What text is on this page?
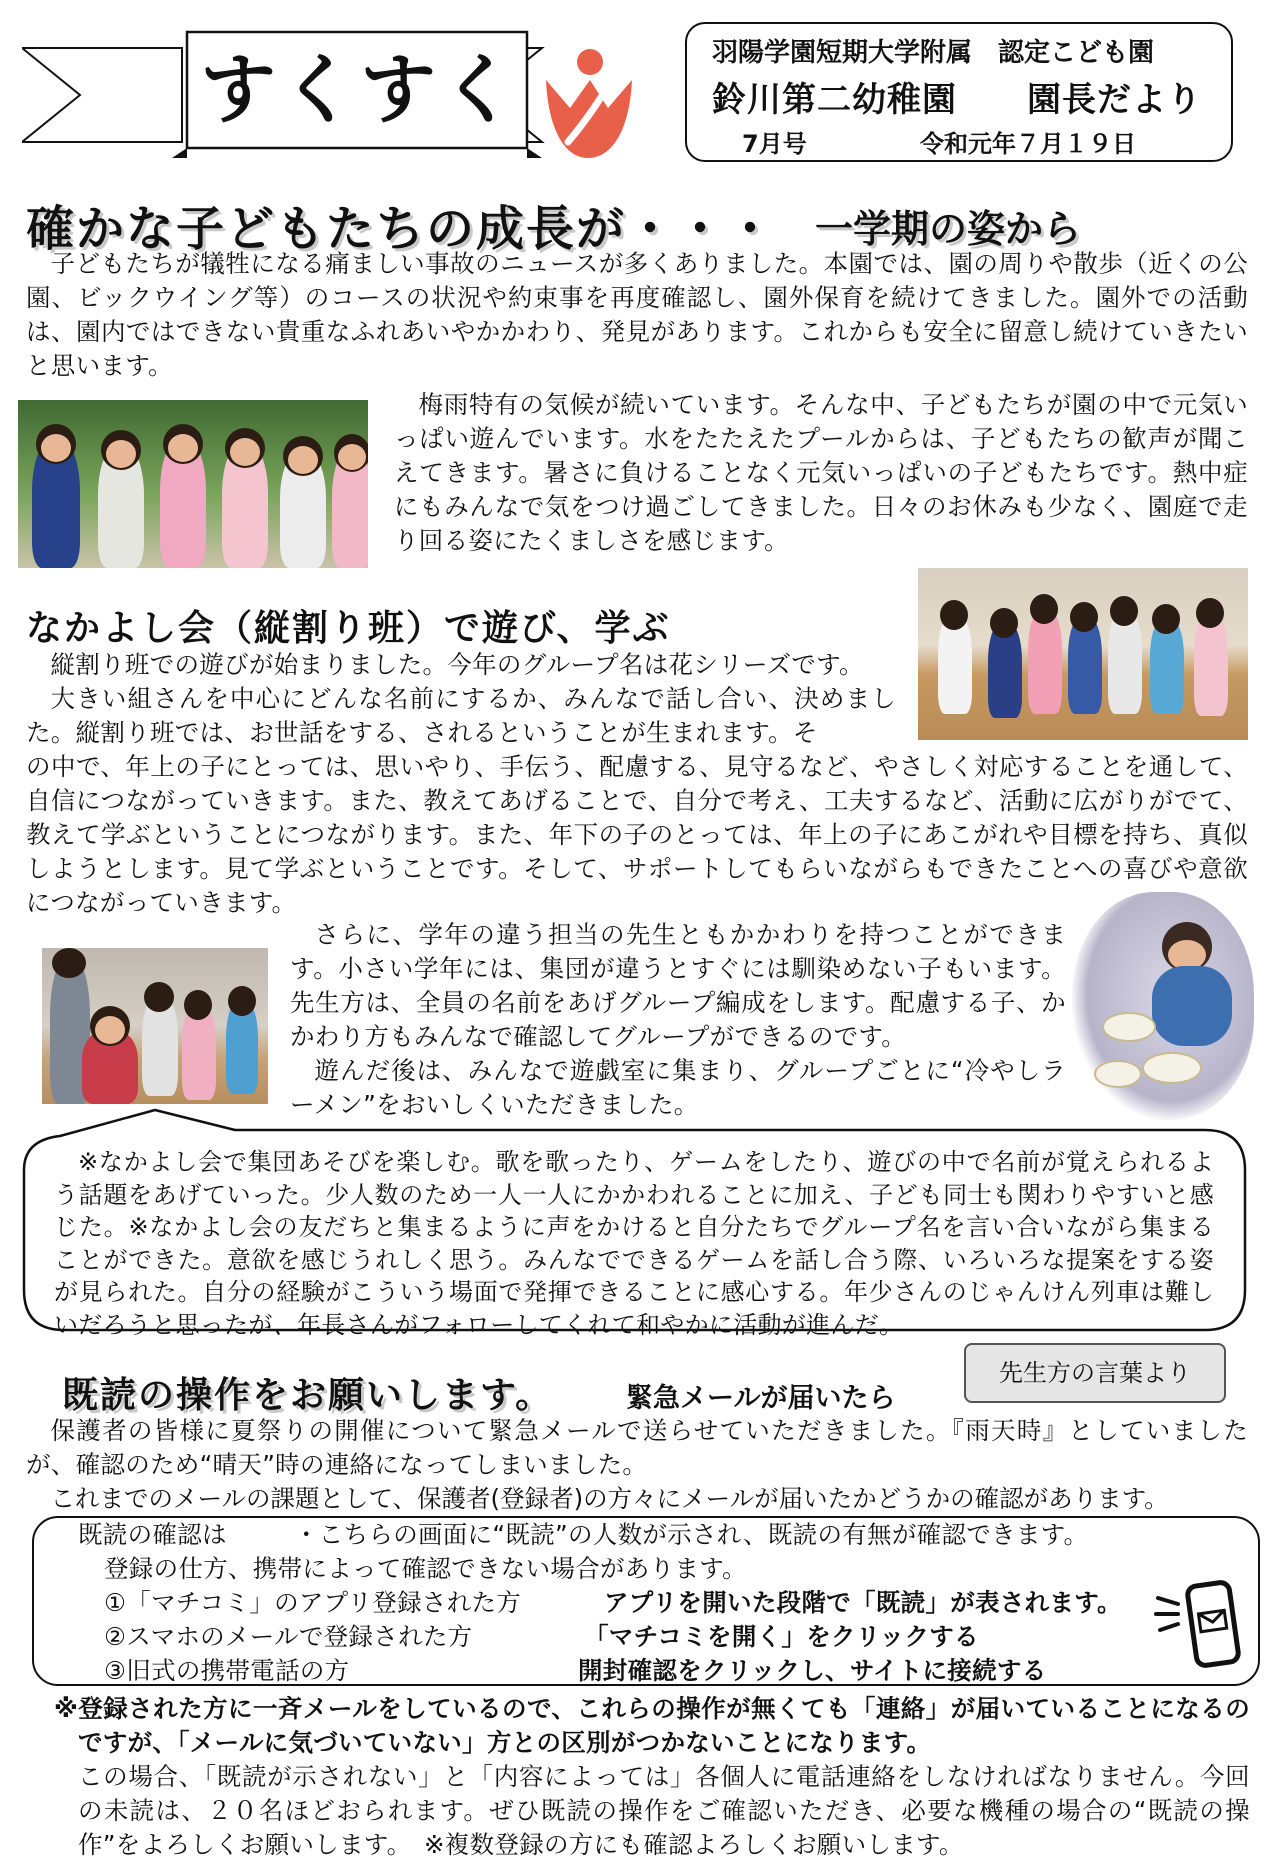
すくすく	羽陽学園短期大学附属　認定こども園
鈴川第二幼稚園　　園長だより
7月号	令和元年７月１９日
確かな子どもたちの成長が・・・ 一学期の姿から

子どもたちが犠牲になる痛ましい事故のニュースが多くありました。本園では、園の周りや散歩（近くの公園、ビックウイング等）のコースの状況や約束事を再度確認し、園外保育を続けてきました。園外での活動は、園内ではできない貴重なふれあいやかかわり、発見があります。これからも安全に留意し続けていきたいと思います。

梅雨特有の気候が続いています。そんな中、子どもたちが園の中で元気いっぱい遊んでいます。水をたたえたプールからは、子どもたちの歓声が聞こえてきます。暑さに負けることなく元気いっぱいの子どもたちです。熱中症にもみんなで気をつけ過ごしてきました。日々のお休みも少なく、園庭で走り回る姿にたくましさを感じます。

なかよし会（縦割り班）で遊び、学ぶ

縦割り班での遊びが始まりました。今年のグループ名は花シリーズです。

大きい組さんを中心にどんな名前にするか、みんなで話し合い、決めました。縦割り班では、お世話をする、されるということが生まれます。そ

の中で、年上の子にとっては、思いやり、手伝う、配慮する、見守るなど、やさしく対応することを通して、自信につながっていきます。また、教えてあげることで、自分で考え、工夫するなど、活動に広がりがでて、教えて学ぶということにつながります。また、年下の子のとっては、年上の子にあこがれや目標を持ち、真似しようとします。見て学ぶということです。そして、サポートしてもらいながらもできたことへの喜びや意欲につながっていきます。

さらに、学年の違う担当の先生ともかかわりを持つことができます。小さい学年には、集団が違うとすぐには馴染めない子もいます。先生方は、全員の名前をあげグループ編成をします。配慮する子、かかわり方もみんなで確認してグループができるのです。

遊んだ後は、みんなで遊戯室に集まり、グループごとに“冷やしラーメン”をおいしくいただきました。

※なかよし会で集団あそびを楽しむ。歌を歌ったり、ゲームをしたり、遊びの中で名前が覚えられるよう話題をあげていった。少人数のため一人一人にかかわれることに加え、子ども同士も関わりやすいと感じた。※なかよし会の友だちと集まるように声をかけると自分たちでグループ名を言い合いながら集まることができた。意欲を感じうれしく思う。みんなでできるゲームを話し合う際、いろいろな提案をする姿が見られた。自分の経験がこういう場面で発揮できることに感心する。年少さんのじゃんけん列車は難しいだろうと思ったが、年長さんがフォローしてくれて和やかに活動が進んだ。

先生方の言葉より
既読の操作をお願いします。	緊急メールが届いたら

保護者の皆様に夏祭りの開催について緊急メールで送らせていただきました。『雨天時』としていましたが、確認のため“晴天”時の連絡になってしまいました。

これまでのメールの課題として、保護者(登録者)の方々にメールが届いたかどうかの確認があります。

既読の確認は	・こちらの画面に“既読”の人数が示され、既読の有無が確認できます。
登録の仕方、携帯によって確認できない場合があります。
①「マチコミ」のアプリ登録された方	アプリを開いた段階で「既読」が表されます。
②スマホのメールで登録された方	「マチコミを開く」をクリックする
③旧式の携帯電話の方	開封確認をクリックし、サイトに接続する

※登録された方に一斉メールをしているので、これらの操作が無くても「連絡」が届いていることになるのですが、「メールに気づいていない」方との区別がつかないことになります。

この場合、「既読が示されない」と「内容によっては」各個人に電話連絡をしなければなりません。今回の未読は、２０名ほどおられます。ぜひ既読の操作をご確認いただき、必要な機種の場合の“既読の操作”をよろしくお願いします。　※複数登録の方にも確認よろしくお願いします。
